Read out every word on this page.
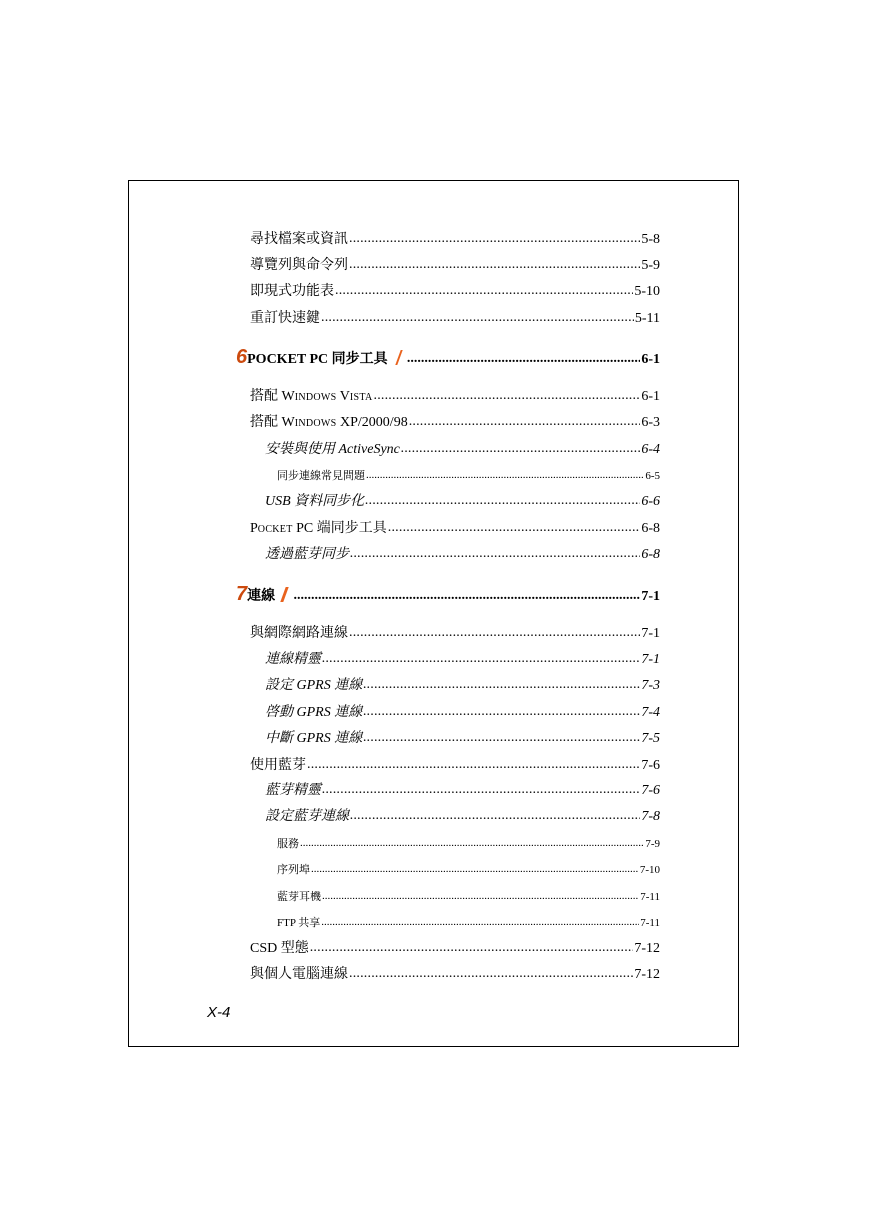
尋找檔案或資訊 .....	5-8
導覽列與命令列 .....	5-9
即現式功能表 .....	5-10
重訂快速鍵 .....	5-11
6 POCKET PC 同步工具 .....	6-1
搭配 WINDOWS VISTA .....	6-1
搭配 WINDOWS XP/2000/98 .....	6-3
安裝與使用 ActiveSync .....	6-4
同步連線常見問題 .....	6-5
USB 資料同步化 .....	6-6
POCKET PC 端同步工具 .....	6-8
透過藍芽同步 .....	6-8
7 連線 .....	7-1
與網際網路連線 .....	7-1
連線精靈 .....	7-1
設定 GPRS 連線 .....	7-3
啓動 GPRS 連線 .....	7-4
中斷 GPRS 連線 .....	7-5
使用藍芽 .....	7-6
藍芽精靈 .....	7-6
設定藍芽連線 .....	7-8
服務 .....	7-9
序列埠 .....	7-10
藍芽耳機 .....	7-11
FTP 共享 .....	7-11
CSD 型態 .....	7-12
與個人電腦連線 .....	7-12
X-4
